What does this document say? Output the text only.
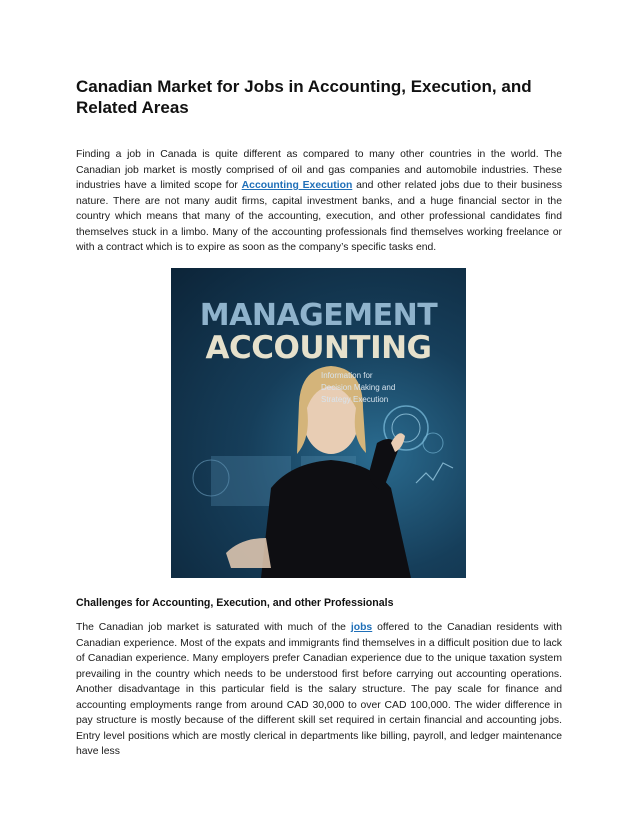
Canadian Market for Jobs in Accounting, Execution, and Related Areas

Finding a job in Canada is quite different as compared to many other countries in the world. The Canadian job market is mostly comprised of oil and gas companies and automobile industries. These industries have a limited scope for Accounting Execution and other related jobs due to their business nature. There are not many audit firms, capital investment banks, and a huge financial sector in the country which means that many of the accounting, execution, and other professional candidates find themselves stuck in a limbo. Many of the accounting professionals find themselves working freelance or with a contract which is to expire as soon as the company’s specific tasks end.

MANAGEMENT

ACCOUNTING

Information for
Decision Making and
Strategy Execution

Challenges for Accounting, Execution, and other Professionals

The Canadian job market is saturated with much of the jobs offered to the Canadian residents with Canadian experience. Most of the expats and immigrants find themselves in a difficult position due to lack of Canadian experience. Many employers prefer Canadian experience due to the unique taxation system prevailing in the country which needs to be understood first before carrying out accounting operations. Another disadvantage in this particular field is the salary structure. The pay scale for finance and accounting employments range from around CAD 30,000 to over CAD 100,000. The wider difference in pay structure is mostly because of the different skill set required in certain financial and accounting jobs. Entry level positions which are mostly clerical in departments like billing, payroll, and ledger maintenance have less
